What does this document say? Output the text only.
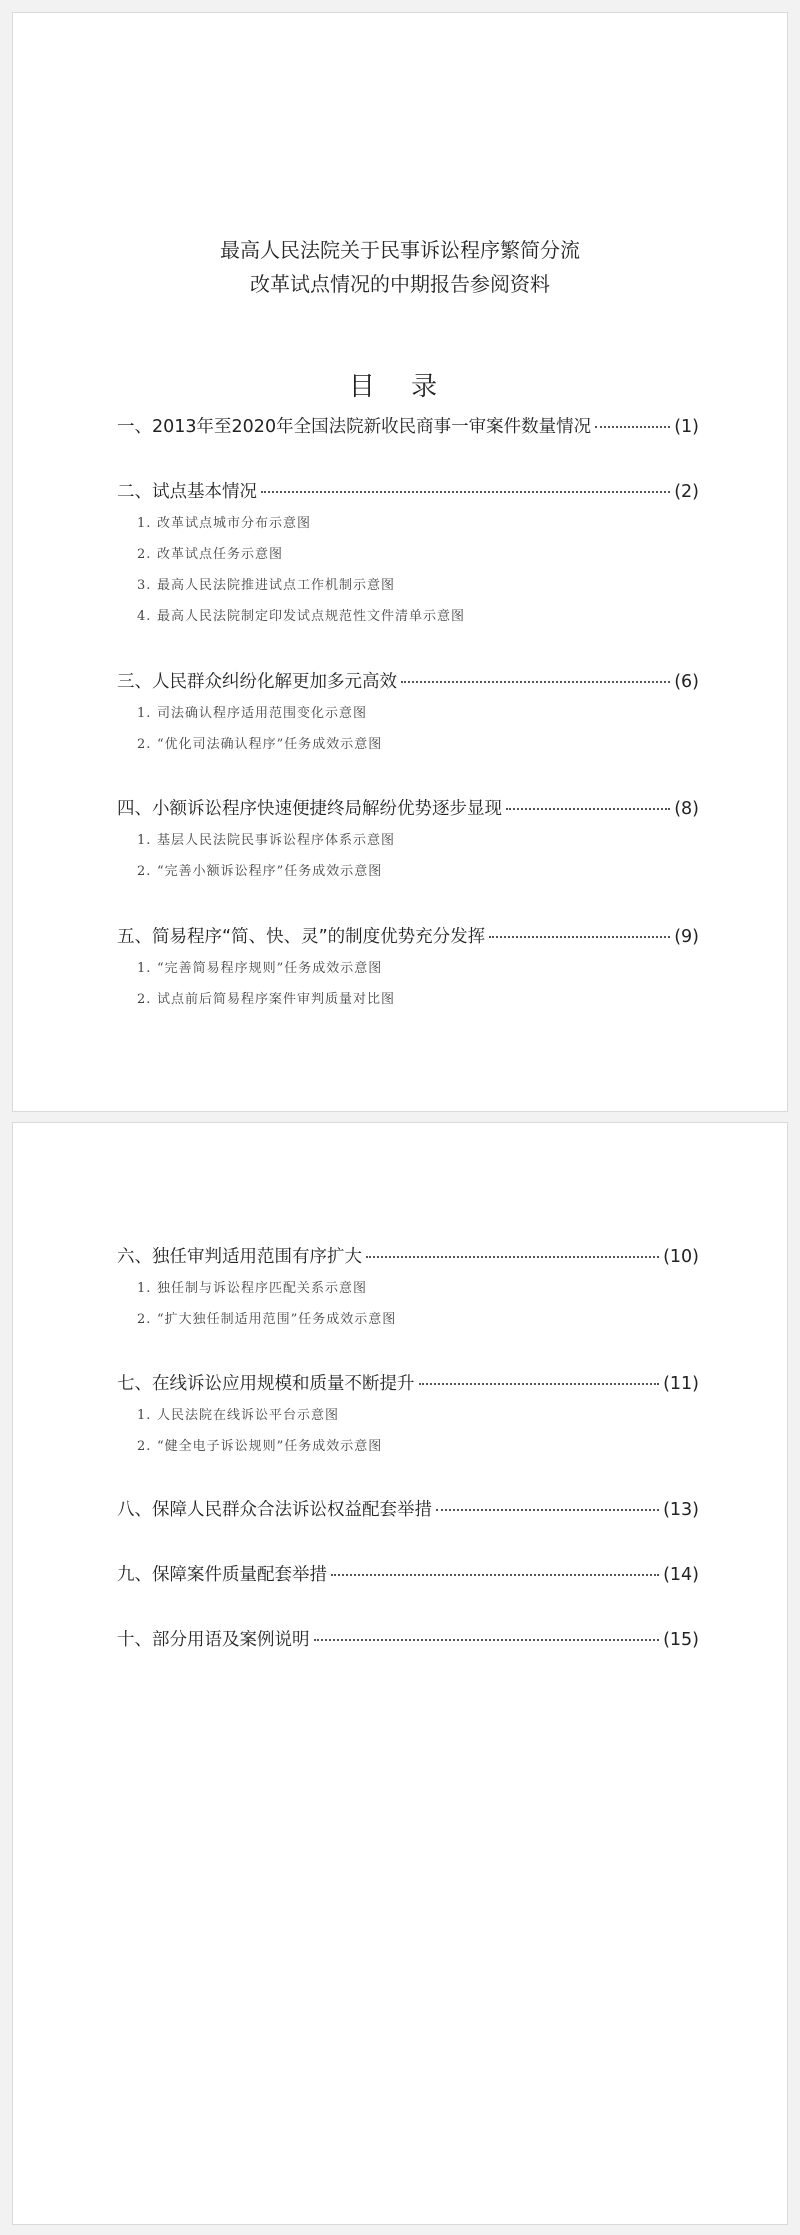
最高人民法院关于民事诉讼程序繁简分流
改革试点情况的中期报告参阅资料
目 录
一、2013年至2020年全国法院新收民商事一审案件数量情况	(1)
二、试点基本情况	(2)
1. 改革试点城市分布示意图
2. 改革试点任务示意图
3. 最高人民法院推进试点工作机制示意图
4. 最高人民法院制定印发试点规范性文件清单示意图
三、人民群众纠纷化解更加多元高效	(6)
1. 司法确认程序适用范围变化示意图
2. “优化司法确认程序”任务成效示意图
四、小额诉讼程序快速便捷终局解纷优势逐步显现	(8)
1. 基层人民法院民事诉讼程序体系示意图
2. “完善小额诉讼程序”任务成效示意图
五、简易程序“简、快、灵”的制度优势充分发挥	(9)
1. “完善简易程序规则”任务成效示意图
2. 试点前后简易程序案件审判质量对比图
六、独任审判适用范围有序扩大	(10)
1. 独任制与诉讼程序匹配关系示意图
2. “扩大独任制适用范围”任务成效示意图
七、在线诉讼应用规模和质量不断提升	(11)
1. 人民法院在线诉讼平台示意图
2. “健全电子诉讼规则”任务成效示意图
八、保障人民群众合法诉讼权益配套举措	(13)
九、保障案件质量配套举措	(14)
十、部分用语及案例说明	(15)
